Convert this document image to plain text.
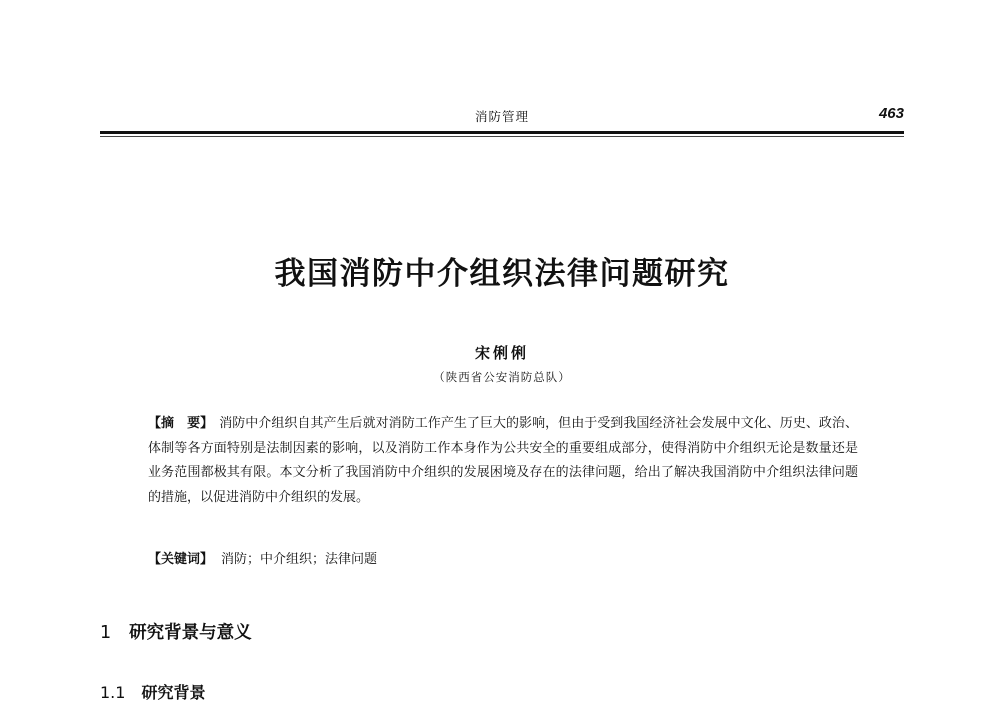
消防管理	463
我国消防中介组织法律问题研究
宋俐俐
（陕西省公安消防总队）
【摘　要】 消防中介组织自其产生后就对消防工作产生了巨大的影响，但由于受到我国经济社会发展中文化、历史、政治、体制等各方面特别是法制因素的影响，以及消防工作本身作为公共安全的重要组成部分，使得消防中介组织无论是数量还是业务范围都极其有限。本文分析了我国消防中介组织的发展困境及存在的法律问题，给出了解决我国消防中介组织法律问题的措施，以促进消防中介组织的发展。
【关键词】 消防；中介组织；法律问题
1 研究背景与意义
1.1 研究背景
